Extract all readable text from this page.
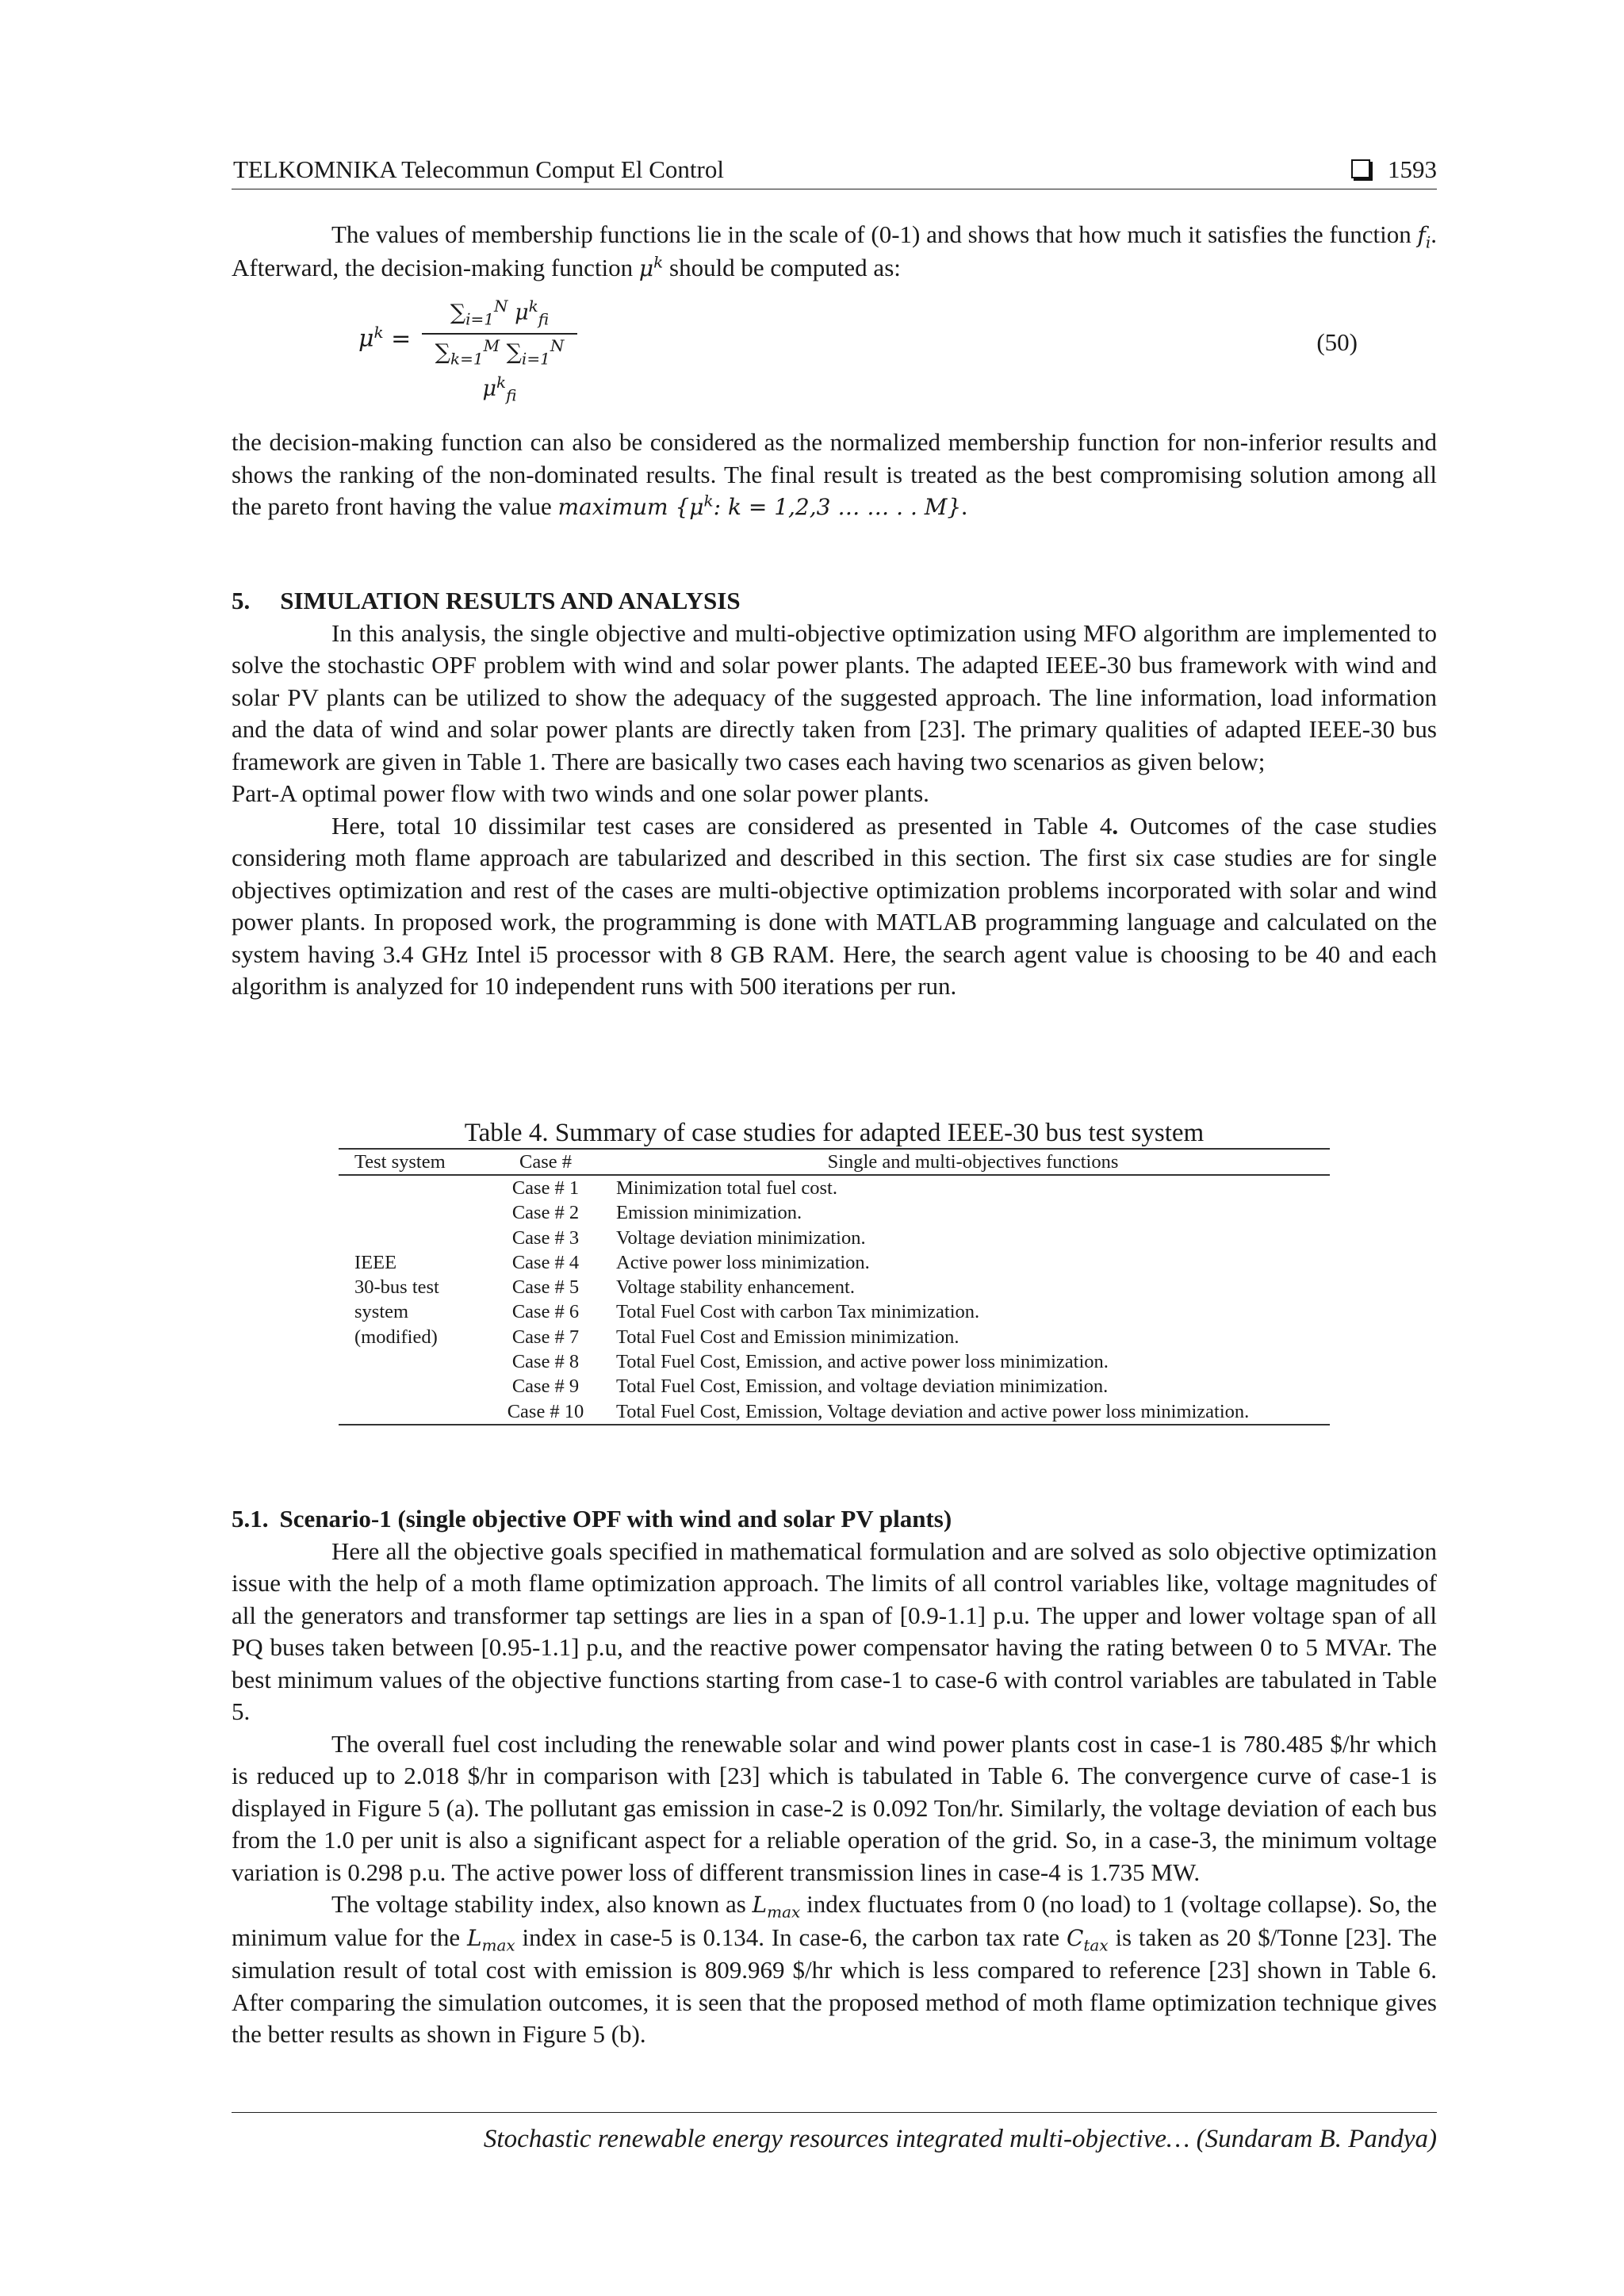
TELKOMNIKA Telecommun Comput El Control	1593

The values of membership functions lie in the scale of (0-1) and shows that how much it satisfies the function $f_i$. Afterward, the decision-making function $\mu^k$ should be computed as:

$\mu^k$ =
$\sum_{i=1}^N$ $\mu^k_f$
$\sum_{k=1}^M$ $\sum_{i=1}^N$ $\mu^k_f$
(50)

the decision-making function can also be considered as the normalized membership function for non-inferior results and shows the ranking of the non-dominated results. The final result is treated as the best compromising solution among all the pareto front having the value maximum {$\mu^k$: k = 1,2,3 … … . . M}.

5. SIMULATION RESULTS AND ANALYSIS

In this analysis, the single objective and multi-objective optimization using MFO algorithm are implemented to solve the stochastic OPF problem with wind and solar power plants. The adapted IEEE-30 bus framework with wind and solar PV plants can be utilized to show the adequacy of the suggested approach. The line information, load information and the data of wind and solar power plants are directly taken from [23]. The primary qualities of adapted IEEE-30 bus framework are given in Table 1. There are basically two cases each having two scenarios as given below;

Part-A optimal power flow with two winds and one solar power plants.

Here, total 10 dissimilar test cases are considered as presented in Table 4. Outcomes of the case studies considering moth flame approach are tabularized and described in this section. The first six case studies are for single objectives optimization and rest of the cases are multi-objective optimization problems incorporated with solar and wind power plants. In proposed work, the programming is done with MATLAB programming language and calculated on the system having 3.4 GHz Intel i5 processor with 8 GB RAM. Here, the search agent value is choosing to be 40 and each algorithm is analyzed for 10 independent runs with 500 iterations per run.

Table 4. Summary of case studies for adapted IEEE-30 bus test system
Test system	Case #	Single and multi-objectives functions
	Case # 1	Minimization total fuel cost.
	Case # 2	Emission minimization.
	Case # 3	Voltage deviation minimization.
IEEE	Case # 4	Active power loss minimization.
30-bus test	Case # 5	Voltage stability enhancement.
system	Case # 6	Total Fuel Cost with carbon Tax minimization.
(modified)	Case # 7	Total Fuel Cost and Emission minimization.
	Case # 8	Total Fuel Cost, Emission, and active power loss minimization.
	Case # 9	Total Fuel Cost, Emission, and voltage deviation minimization.
	Case # 10	Total Fuel Cost, Emission, Voltage deviation and active power loss minimization.
5.1. Scenario-1 (single objective OPF with wind and solar PV plants)

Here all the objective goals specified in mathematical formulation and are solved as solo objective optimization issue with the help of a moth flame optimization approach. The limits of all control variables like, voltage magnitudes of all the generators and transformer tap settings are lies in a span of [0.9-1.1] p.u. The upper and lower voltage span of all PQ buses taken between [0.95-1.1] p.u, and the reactive power compensator having the rating between 0 to 5 MVAr. The best minimum values of the objective functions starting from case-1 to case-6 with control variables are tabulated in Table 5.

The overall fuel cost including the renewable solar and wind power plants cost in case-1 is 780.485 $/hr which is reduced up to 2.018 $/hr in comparison with [23] which is tabulated in Table 6. The convergence curve of case-1 is displayed in Figure 5 (a). The pollutant gas emission in case-2 is 0.092 Ton/hr. Similarly, the voltage deviation of each bus from the 1.0 per unit is also a significant aspect for a reliable operation of the grid. So, in a case-3, the minimum voltage variation is 0.298 p.u. The active power loss of different transmission lines in case-4 is 1.735 MW.

The voltage stability index, also known as $L_{max}$ index fluctuates from 0 (no load) to 1 (voltage collapse). So, the minimum value for the $L_{max}$ index in case-5 is 0.134. In case-6, the carbon tax rate $C_{tax}$ is taken as 20 $/Tonne [23]. The simulation result of total cost with emission is 809.969 $/hr which is less compared to reference [23] shown in Table 6. After comparing the simulation outcomes, it is seen that the proposed method of moth flame optimization technique gives the better results as shown in Figure 5 (b).

Stochastic renewable energy resources integrated multi-objective… (Sundaram B. Pandya)
